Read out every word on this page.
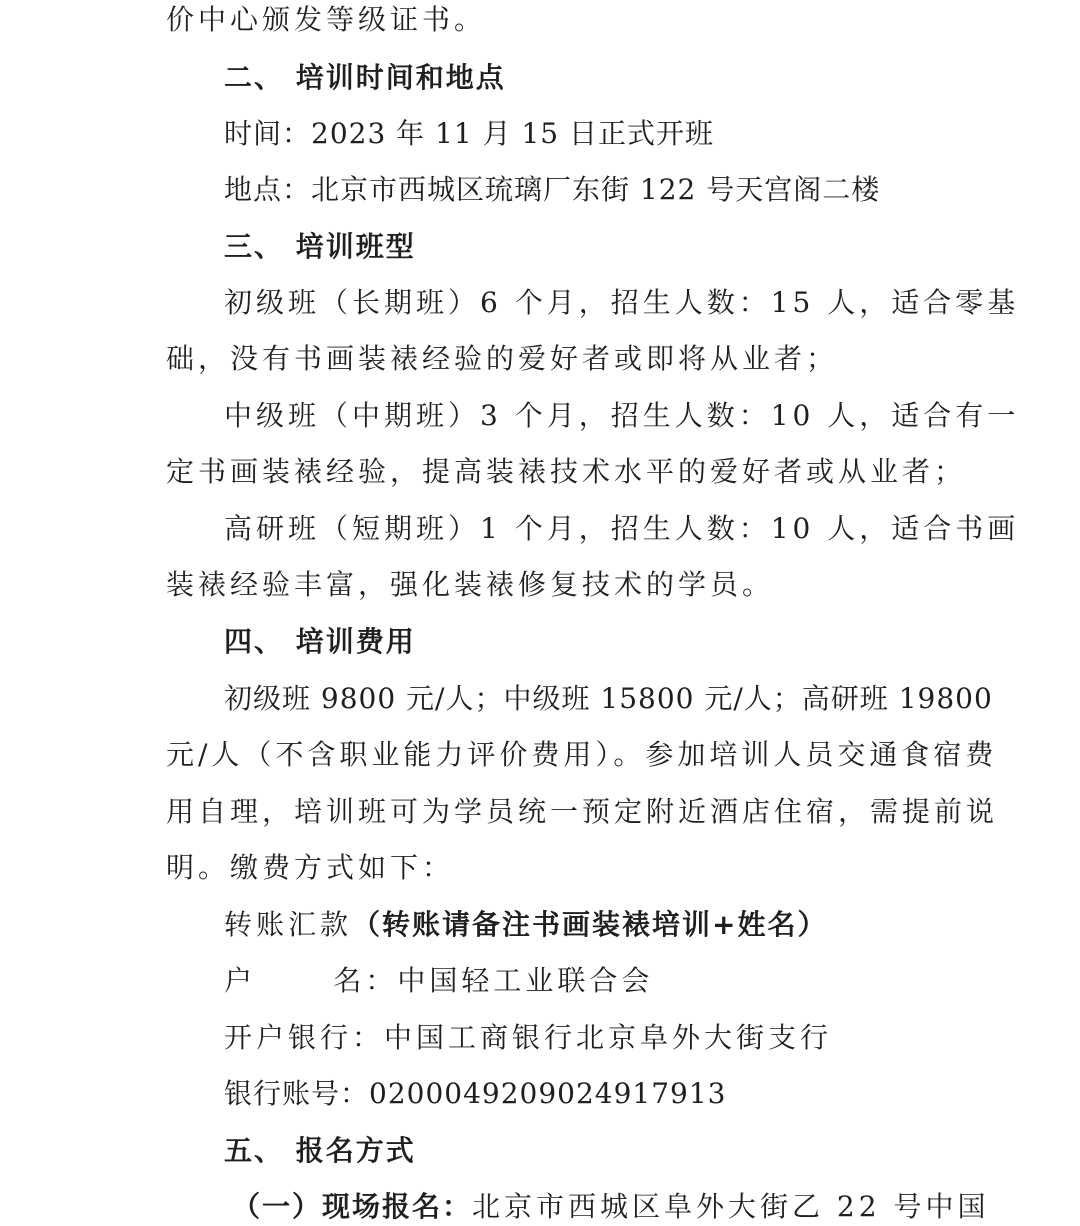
价中心颁发等级证书。
二、 培训时间和地点
时间：2023 年 11 月 15 日正式开班
地点：北京市西城区琉璃厂东街 122 号天宫阁二楼
三、 培训班型
初级班（长期班）6 个月，招生人数：15 人，适合零基
础，没有书画装裱经验的爱好者或即将从业者；
中级班（中期班）3 个月，招生人数：10 人，适合有一
定书画装裱经验，提高装裱技术水平的爱好者或从业者；
高研班（短期班）1 个月，招生人数：10 人，适合书画
装裱经验丰富，强化装裱修复技术的学员。
四、 培训费用
初级班 9800 元/人；中级班 15800 元/人；高研班 19800
元/人（不含职业能力评价费用）。参加培训人员交通食宿费
用自理，培训班可为学员统一预定附近酒店住宿，需提前说
明。缴费方式如下：
转账汇款（转账请备注书画装裱培训+姓名）
户      名：中国轻工业联合会
开户银行：中国工商银行北京阜外大街支行
银行账号：0200049209024917913
五、 报名方式
（一）现场报名：北京市西城区阜外大街乙 22 号中国
